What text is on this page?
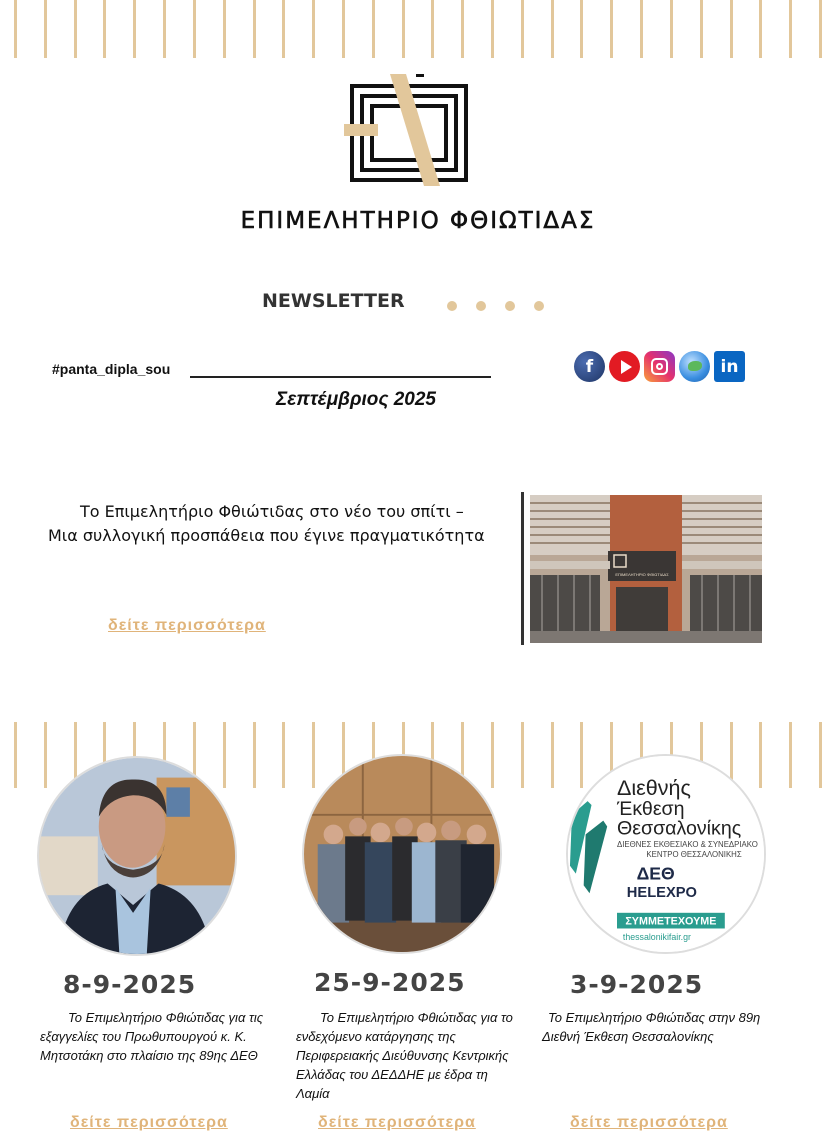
ΕΠΙΜΕΛΗΤΗΡΙΟ ΦΘΙΩΤΙΔΑΣ
NEWSLETTER
#panta_dipla_sou
Σεπτέμβριος 2025
f	in

Το Επιμελητήριο Φθιώτιδας στο νέο του σπίτι – Μια συλλογική προσπάθεια που έγινε πραγματικότητα

δείτε περισσότερα
ΕΠΙΜΕΛΗΤΗΡΙΟ ΦΘΙΩΤΙΔΑΣ
8-9-2025
Το Επιμελητήριο Φθιώτιδας για τις εξαγγελίες του Πρωθυπουργού κ. Κ. Μητσοτάκη στο πλαίσιο της 89ης ΔΕΘ
δείτε περισσότερα
25-9-2025
Το Επιμελητήριο Φθιώτιδας για το ενδεχόμενο κατάργησης της Περιφερειακής Διεύθυνσης Κεντρικής Ελλάδας του ΔΕΔΔΗΕ με έδρα τη Λαμία
δείτε περισσότερα
Διεθνής
Έκθεση
Θεσσαλονίκης
ΔΙΕΘΝΕΣ ΕΚΘΕΣΙΑΚΟ & ΣΥΝΕΔΡΙΑΚΟ
ΚΕΝΤΡΟ ΘΕΣΣΑΛΟΝΙΚΗΣ
ΔΕΘ
HELEXPO
ΣΥΜΜΕΤΕΧΟΥΜΕ
thessalonikifair.gr
3-9-2025
Το Επιμελητήριο Φθιώτιδας στην 89η Διεθνή Έκθεση Θεσσαλονίκης
δείτε περισσότερα
